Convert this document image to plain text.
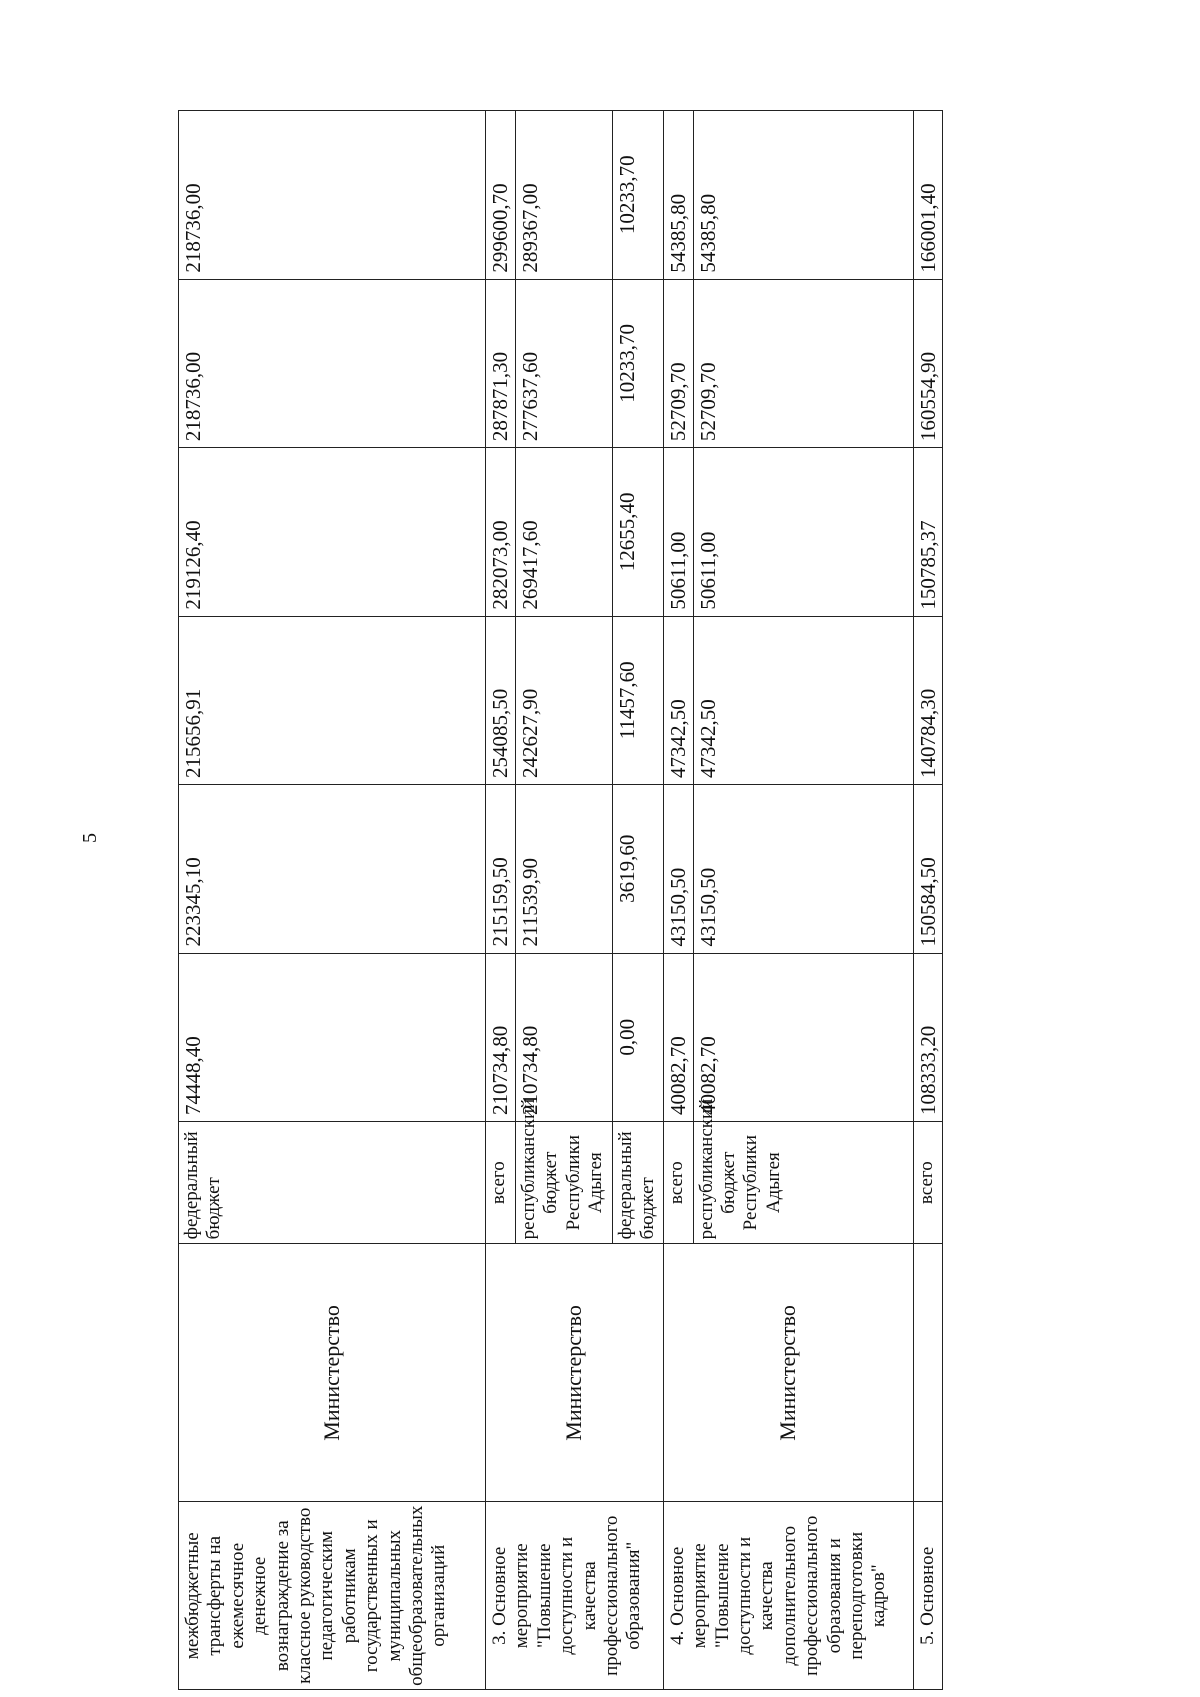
5
межбюджетные трансферты на ежемесячное денежное вознаграждение за классное руководство педагогическим работникам государственных и муниципальных общеобразовательных организаций	Министерство	федеральный бюджет	74448,40	223345,10	215656,91	219126,40	218736,00	218736,00
3. Основное мероприятие "Повышение доступности и качества профессионального образования"	Министерство	всего	210734,80	215159,50	254085,50	282073,00	287871,30	299600,70
		республиканский бюджет Республики Адыгея	210734,80	211539,90	242627,90	269417,60	277637,60	289367,00
		федеральный бюджет	0,00	3619,60	11457,60	12655,40	10233,70	10233,70
4. Основное мероприятие "Повышение доступности и качества дополнительного профессионального образования и переподготовки кадров"	Министерство	всего	40082,70	43150,50	47342,50	50611,00	52709,70	54385,80
		республиканский бюджет Республики Адыгея	40082,70	43150,50	47342,50	50611,00	52709,70	54385,80
5. Основное		всего	108333,20	150584,50	140784,30	150785,37	160554,90	166001,40
